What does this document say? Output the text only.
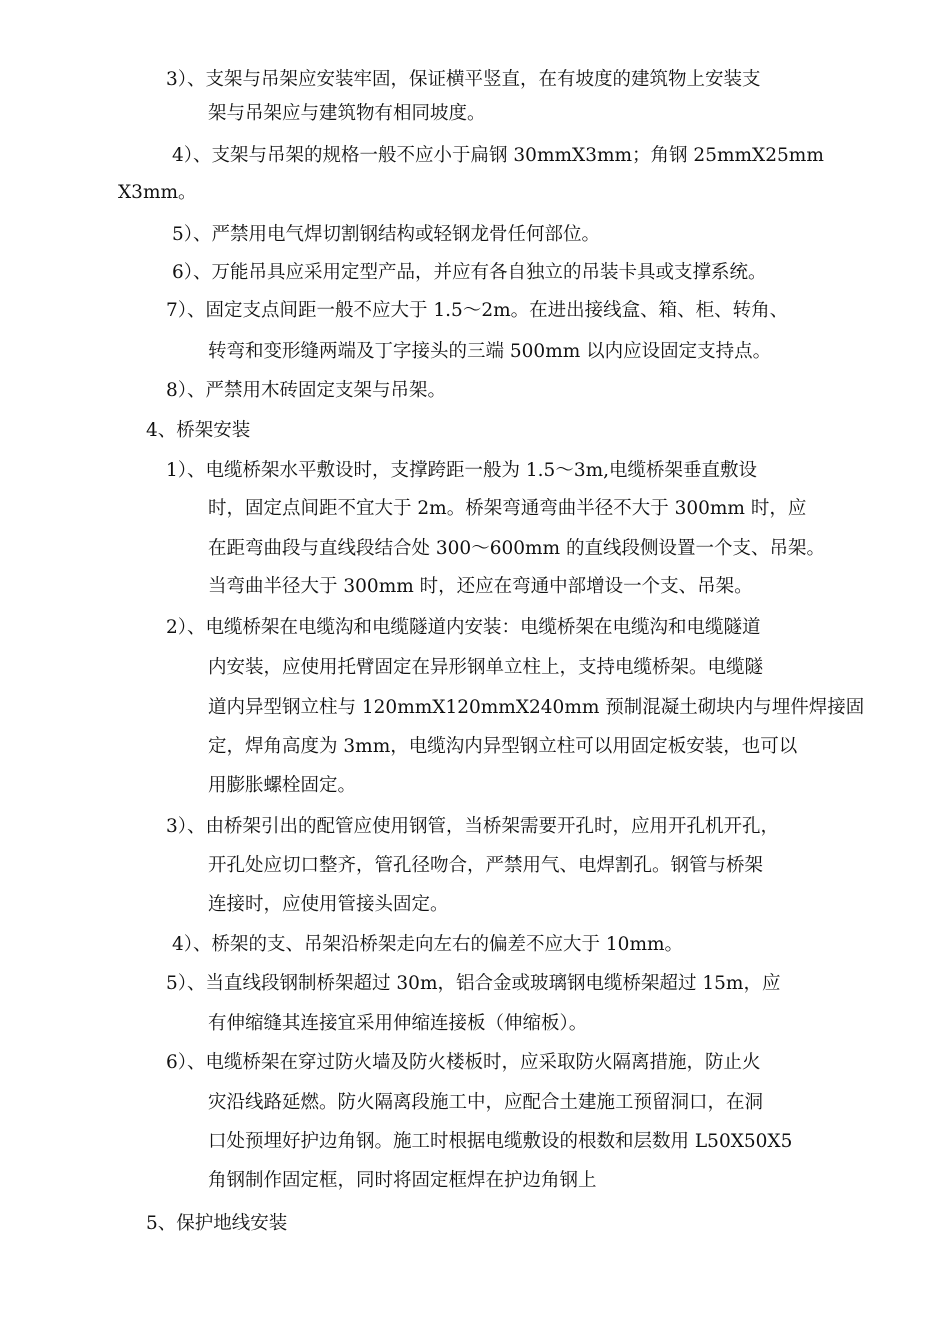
3）、支架与吊架应安装牢固，保证横平竖直，在有坡度的建筑物上安装支
架与吊架应与建筑物有相同坡度。
4）、支架与吊架的规格一般不应小于扁钢 30mmX3mm；角钢 25mmX25mm
X3mm。
5）、严禁用电气焊切割钢结构或轻钢龙骨任何部位。
6）、万能吊具应采用定型产品，并应有各自独立的吊装卡具或支撑系统。
7）、固定支点间距一般不应大于 1.5～2m。在进出接线盒、箱、柜、转角、
转弯和变形缝两端及丁字接头的三端 500mm 以内应设固定支持点。
8）、严禁用木砖固定支架与吊架。
4、桥架安装
1）、电缆桥架水平敷设时，支撑跨距一般为 1.5～3m,电缆桥架垂直敷设
时，固定点间距不宜大于 2m。桥架弯通弯曲半径不大于 300mm 时，应
在距弯曲段与直线段结合处 300～600mm 的直线段侧设置一个支、吊架。
当弯曲半径大于 300mm 时，还应在弯通中部增设一个支、吊架。
2）、电缆桥架在电缆沟和电缆隧道内安装：电缆桥架在电缆沟和电缆隧道
内安装，应使用托臂固定在异形钢单立柱上，支持电缆桥架。电缆隧
道内异型钢立柱与 120mmX120mmX240mm 预制混凝土砌块内与埋件焊接固
定，焊角高度为 3mm，电缆沟内异型钢立柱可以用固定板安装，也可以
用膨胀螺栓固定。
3）、由桥架引出的配管应使用钢管，当桥架需要开孔时，应用开孔机开孔，
开孔处应切口整齐，管孔径吻合，严禁用气、电焊割孔。钢管与桥架
连接时，应使用管接头固定。
4）、桥架的支、吊架沿桥架走向左右的偏差不应大于 10mm。
5）、当直线段钢制桥架超过 30m，铝合金或玻璃钢电缆桥架超过 15m，应
有伸缩缝其连接宜采用伸缩连接板（伸缩板）。
6）、电缆桥架在穿过防火墙及防火楼板时，应采取防火隔离措施，防止火
灾沿线路延燃。防火隔离段施工中，应配合土建施工预留洞口，在洞
口处预埋好护边角钢。施工时根据电缆敷设的根数和层数用 L50X50X5
角钢制作固定框，同时将固定框焊在护边角钢上
5、保护地线安装
